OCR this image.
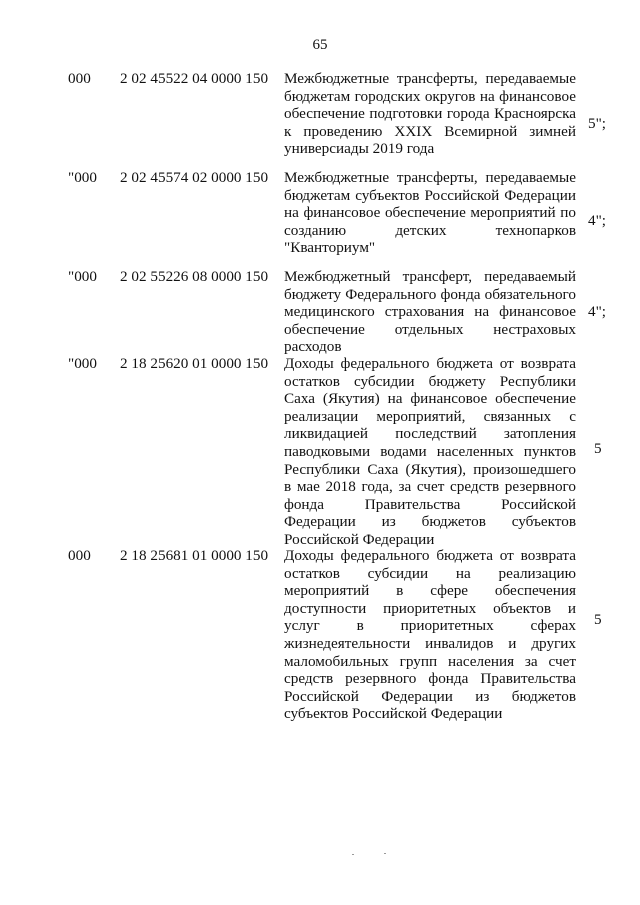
65
000 2 02 45522 04 0000 150 Межбюджетные трансферты, передаваемые бюджетам городских округов на финансовое обеспечение подготовки города Красноярска к проведению XXIX Всемирной зимней универсиады 2019 года
5";
"000 2 02 45574 02 0000 150 Межбюджетные трансферты, передаваемые бюджетам субъектов Российской Федерации на финансовое обеспечение мероприятий по созданию детских технопарков "Кванториум"
4";
"000 2 02 55226 08 0000 150 Межбюджетный трансферт, передаваемый бюджету Федерального фонда обязательного медицинского страхования на финансовое обеспечение отдельных нестраховых расходов
4";
"000 2 18 25620 01 0000 150 Доходы федерального бюджета от возврата остатков субсидии бюджету Республики Саха (Якутия) на финансовое обеспечение реализации мероприятий, связанных с ликвидацией последствий затопления паводковыми водами населенных пунктов Республики Саха (Якутия), произошедшего в мае 2018 года, за счет средств резервного фонда Правительства Российской Федерации из бюджетов субъектов Российской Федерации
5
000 2 18 25681 01 0000 150 Доходы федерального бюджета от возврата остатков субсидии на реализацию мероприятий в сфере обеспечения доступности приоритетных объектов и услуг в приоритетных сферах жизнедеятельности инвалидов и других маломобильных групп населения за счет средств резервного фонда Правительства Российской Федерации из бюджетов субъектов Российской Федерации
5
